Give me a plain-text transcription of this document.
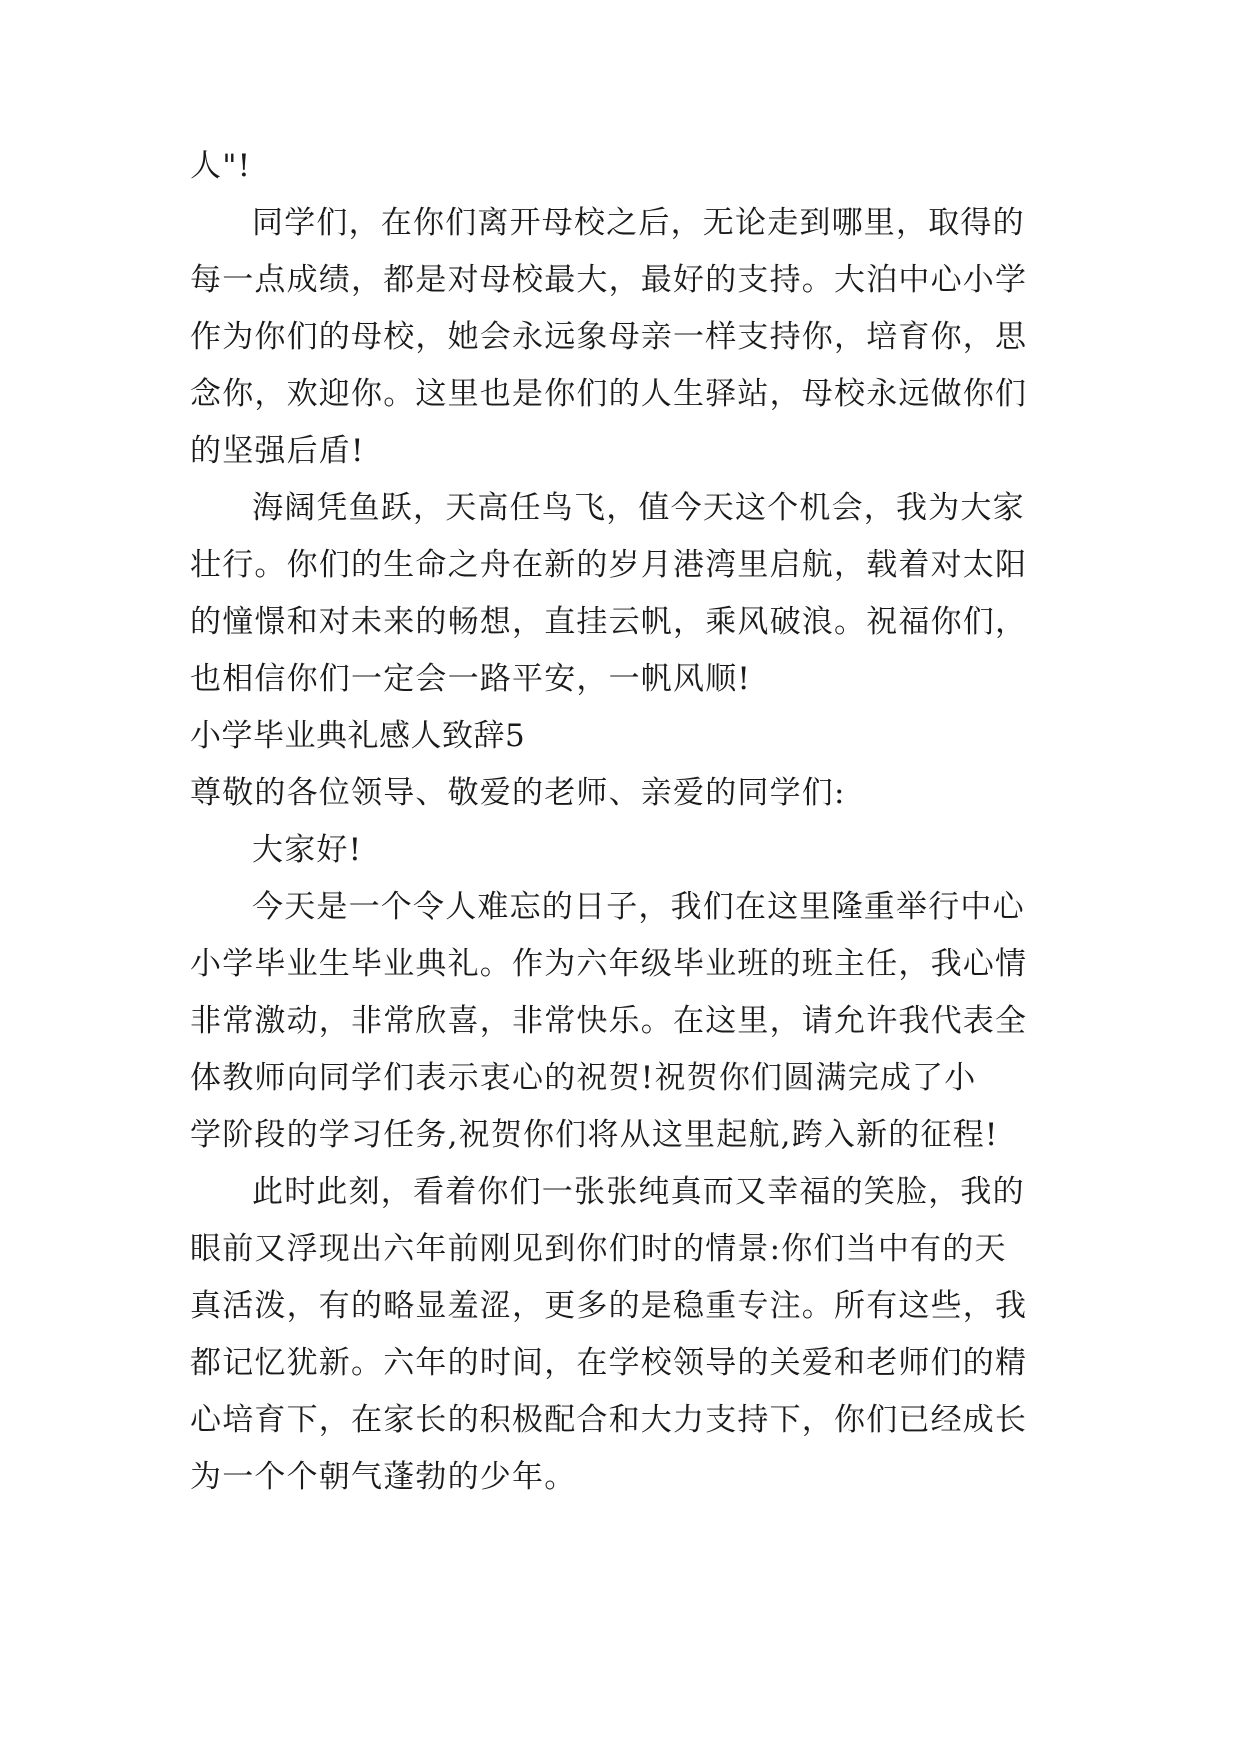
人"!
同学们，在你们离开母校之后，无论走到哪里，取得的
每一点成绩，都是对母校最大，最好的支持。大泊中心小学
作为你们的母校，她会永远象母亲一样支持你，培育你，思
念你，欢迎你。这里也是你们的人生驿站，母校永远做你们
的坚强后盾!
海阔凭鱼跃，天高任鸟飞，值今天这个机会，我为大家
壮行。你们的生命之舟在新的岁月港湾里启航，载着对太阳
的憧憬和对未来的畅想，直挂云帆，乘风破浪。祝福你们，
也相信你们一定会一路平安，一帆风顺!
小学毕业典礼感人致辞5
尊敬的各位领导、敬爱的老师、亲爱的同学们:
大家好!
今天是一个令人难忘的日子，我们在这里隆重举行中心
小学毕业生毕业典礼。作为六年级毕业班的班主任，我心情
非常激动，非常欣喜，非常快乐。在这里，请允许我代表全
体教师向同学们表示衷心的祝贺!祝贺你们圆满完成了小
学阶段的学习任务,祝贺你们将从这里起航,跨入新的征程!
此时此刻，看着你们一张张纯真而又幸福的笑脸，我的
眼前又浮现出六年前刚见到你们时的情景:你们当中有的天
真活泼，有的略显羞涩，更多的是稳重专注。所有这些，我
都记忆犹新。六年的时间，在学校领导的关爱和老师们的精
心培育下，在家长的积极配合和大力支持下，你们已经成长
为一个个朝气蓬勃的少年。
